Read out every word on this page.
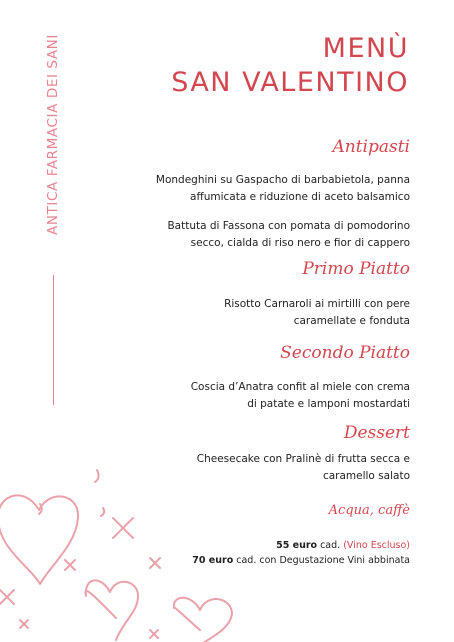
ANTICA FARMACIA DEI SANI	MENÙ
SAN VALENTINO
Antipasti
Mondeghini su Gaspacho di barbabietola, panna
affumicata e riduzione di aceto balsamico
Battuta di Fassona con pomata di pomodorino
secco, cialda di riso nero e fior di cappero
Primo Piatto
Risotto Carnaroli ai mirtilli con pere
caramellate e fonduta
Secondo Piatto
Coscia d’Anatra confit al miele con crema
di patate e lamponi mostardati
Dessert
Cheesecake con Pralinè di frutta secca e
caramello salato
Acqua, caffè
55 euro cad. (Vino Escluso)
70 euro cad. con Degustazione Vini abbinata
